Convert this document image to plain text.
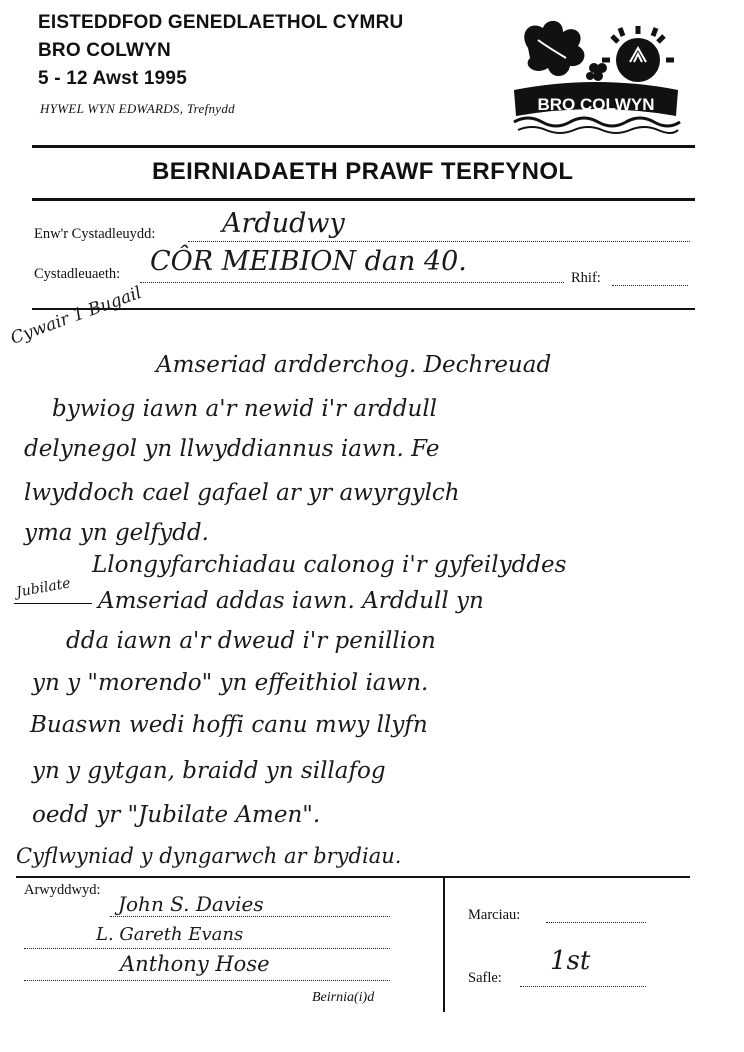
EISTEDDFOD GENEDLAETHOL CYMRU
BRO COLWYN
5 - 12 Awst 1995
HYWEL WYN EDWARDS, Trefnydd	BRO COLWYN
BEIRNIADAETH PRAWF TERFYNOL
Enw'r Cystadleuydd: Ardudwy
Cystadleuaeth: CÔR MEIBION dan 40.
Rhif:
Cywair 1 Bugail
Amseriad ardderchog. Dechreuad
bywiog iawn a'r newid i'r arddull
delynegol yn llwyddiannus iawn. Fe
lwyddoch cael gafael ar yr awyrgylch
yma yn gelfydd.
Llongyfarchiadau calonog i'r gyfeilyddes
Jubilate Amseriad addas iawn. Arddull yn
dda iawn a'r dweud i'r penillion
yn y "morendo" yn effeithiol iawn.
Buaswn wedi hoffi canu mwy llyfn
yn y gytgan, braidd yn sillafog
oedd yr "Jubilate Amen".
Cyflwyniad y dyngarwch ar brydiau.
Arwyddwyd:
John S. Davies
L. Gareth Evans
Anthony Hose
Beirnia(i)d
Marciau:
Safle:
1st
